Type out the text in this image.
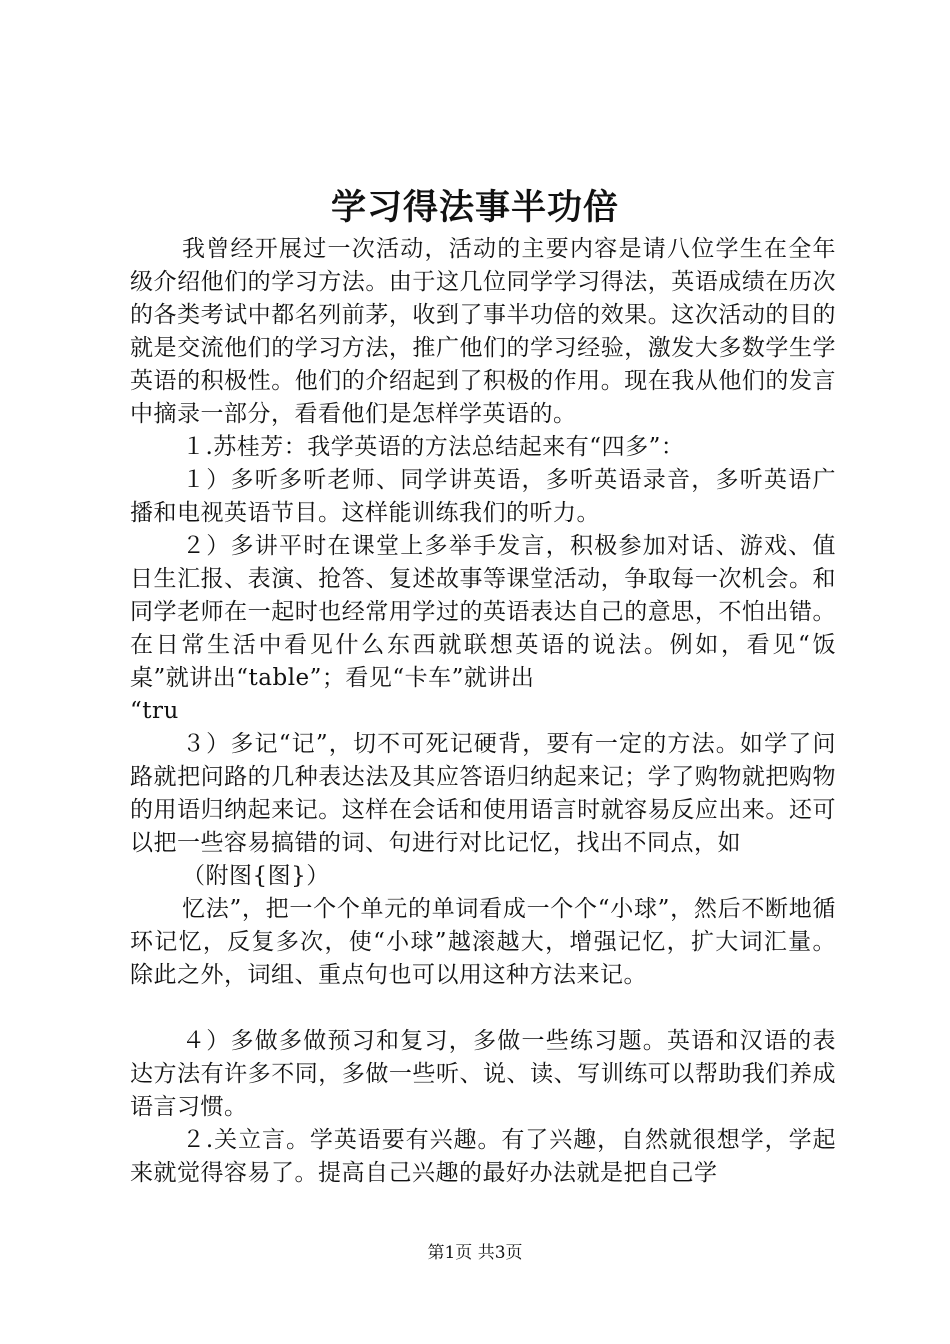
学习得法事半功倍

我曾经开展过一次活动，活动的主要内容是请八位学生在全年级介绍他们的学习方法。由于这几位同学学习得法，英语成绩在历次的各类考试中都名列前茅，收到了事半功倍的效果。这次活动的目的就是交流他们的学习方法，推广他们的学习经验，激发大多数学生学英语的积极性。他们的介绍起到了积极的作用。现在我从他们的发言中摘录一部分，看看他们是怎样学英语的。

１.苏桂芳：我学英语的方法总结起来有“四多”：

１）多听多听老师、同学讲英语，多听英语录音，多听英语广播和电视英语节目。这样能训练我们的听力。

２）多讲平时在课堂上多举手发言，积极参加对话、游戏、值日生汇报、表演、抢答、复述故事等课堂活动，争取每一次机会。和同学老师在一起时也经常用学过的英语表达自己的意思，不怕出错。在日常生活中看见什么东西就联想英语的说法。例如，看见“饭桌”就讲出“table”；看见“卡车”就讲出

“tru

３）多记“记”，切不可死记硬背，要有一定的方法。如学了问路就把问路的几种表达法及其应答语归纳起来记；学了购物就把购物的用语归纳起来记。这样在会话和使用语言时就容易反应出来。还可以把一些容易搞错的词、句进行对比记忆，找出不同点，如

（附图{图}）

忆法”，把一个个单元的单词看成一个个“小球”，然后不断地循环记忆，反复多次，使“小球”越滚越大，增强记忆，扩大词汇量。除此之外，词组、重点句也可以用这种方法来记。

４）多做多做预习和复习，多做一些练习题。英语和汉语的表达方法有许多不同，多做一些听、说、读、写训练可以帮助我们养成语言习惯。

２.关立言。学英语要有兴趣。有了兴趣，自然就很想学，学起来就觉得容易了。提高自己兴趣的最好办法就是把自己学

第1页 共3页
